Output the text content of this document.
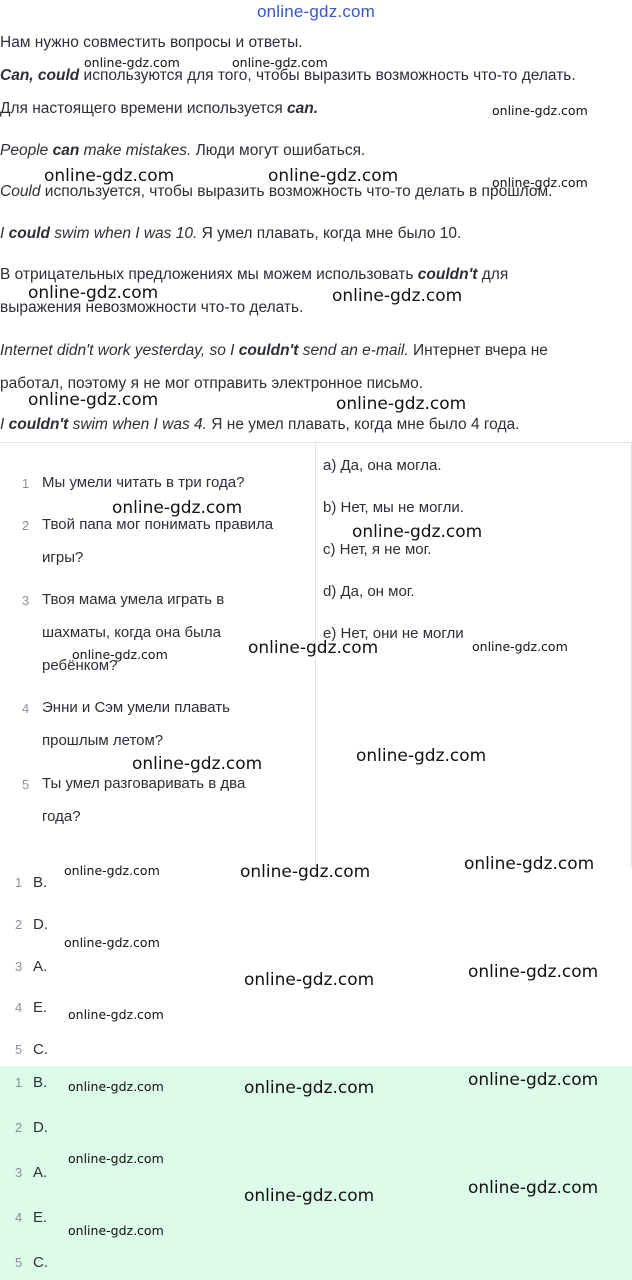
online-gdz.com
Нам нужно совместить вопросы и ответы.
Can, could используются для того, чтобы выразить возможность что-то делать.
Для настоящего времени используется can.
People can make mistakes. Люди могут ошибаться.
Could используется, чтобы выразить возможность что-то делать в прошлом.
I could swim when I was 10. Я умел плавать, когда мне было 10.
В отрицательных предложениях мы можем использовать couldn't для
выражения невозможности что-то делать.
Internet didn't work yesterday, so I couldn't send an e-mail. Интернет вчера не
работал, поэтому я не мог отправить электронное письмо.
I couldn't swim when I was 4. Я не умел плавать, когда мне было 4 года.
1 Мы умели читать в три года?
2 Твой папа мог понимать правила
игры?
3 Твоя мама умела играть в
шахматы, когда она была
ребёнком?
4 Энни и Сэм умели плавать
прошлым летом?
5 Ты умел разговаривать в два
года?
a) Да, она могла.
b) Нет, мы не могли.
c) Нет, я не мог.
d) Да, он мог.
e) Нет, они не могли
1 B.
2 D.
3 A.
4 E.
5 C.
1 B.
2 D.
3 A.
4 E.
5 C.
online-gdz.com	online-gdz.com
online-gdz.com
online-gdz.com	online-gdz.com	online-gdz.com
online-gdz.com	online-gdz.com
online-gdz.com	online-gdz.com
online-gdz.com
online-gdz.com
online-gdz.com	online-gdz.com
online-gdz.com
online-gdz.com
online-gdz.com
online-gdz.com	online-gdz.com	online-gdz.com
online-gdz.com
online-gdz.com	online-gdz.com
online-gdz.com
online-gdz.com	online-gdz.com	online-gdz.com
online-gdz.com
online-gdz.com	online-gdz.com
online-gdz.com
